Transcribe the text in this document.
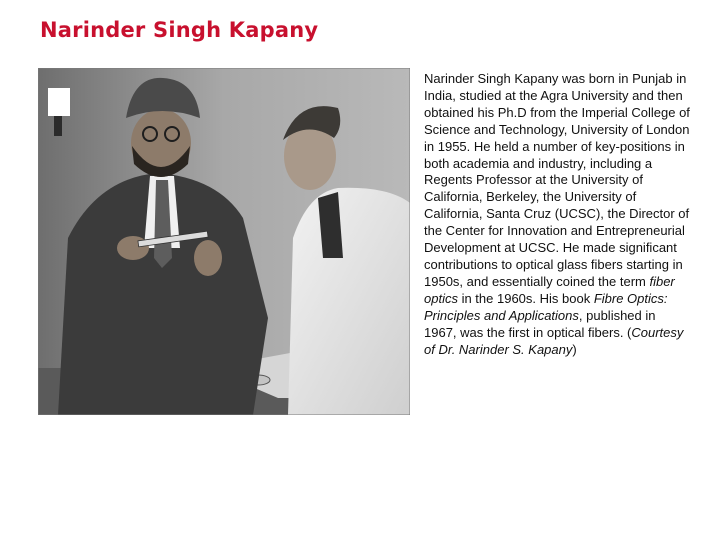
Narinder Singh Kapany
Narinder Singh Kapany was born in Punjab in India, studied at the Agra University and then obtained his Ph.D from the Imperial College of Science and Technology, University of London in 1955. He held a number of key-positions in both academia and industry, including a Regents Professor at the University of California, Berkeley, the University of California, Santa Cruz (UCSC), the Director of the Center for Innovation and Entrepreneurial Development at UCSC. He made significant contributions to optical glass fibers starting in 1950s, and essentially coined the term fiber optics in the 1960s. His book Fibre Optics: Principles and Applications, published in 1967, was the first in optical fibers. (Courtesy of Dr. Narinder S. Kapany)
